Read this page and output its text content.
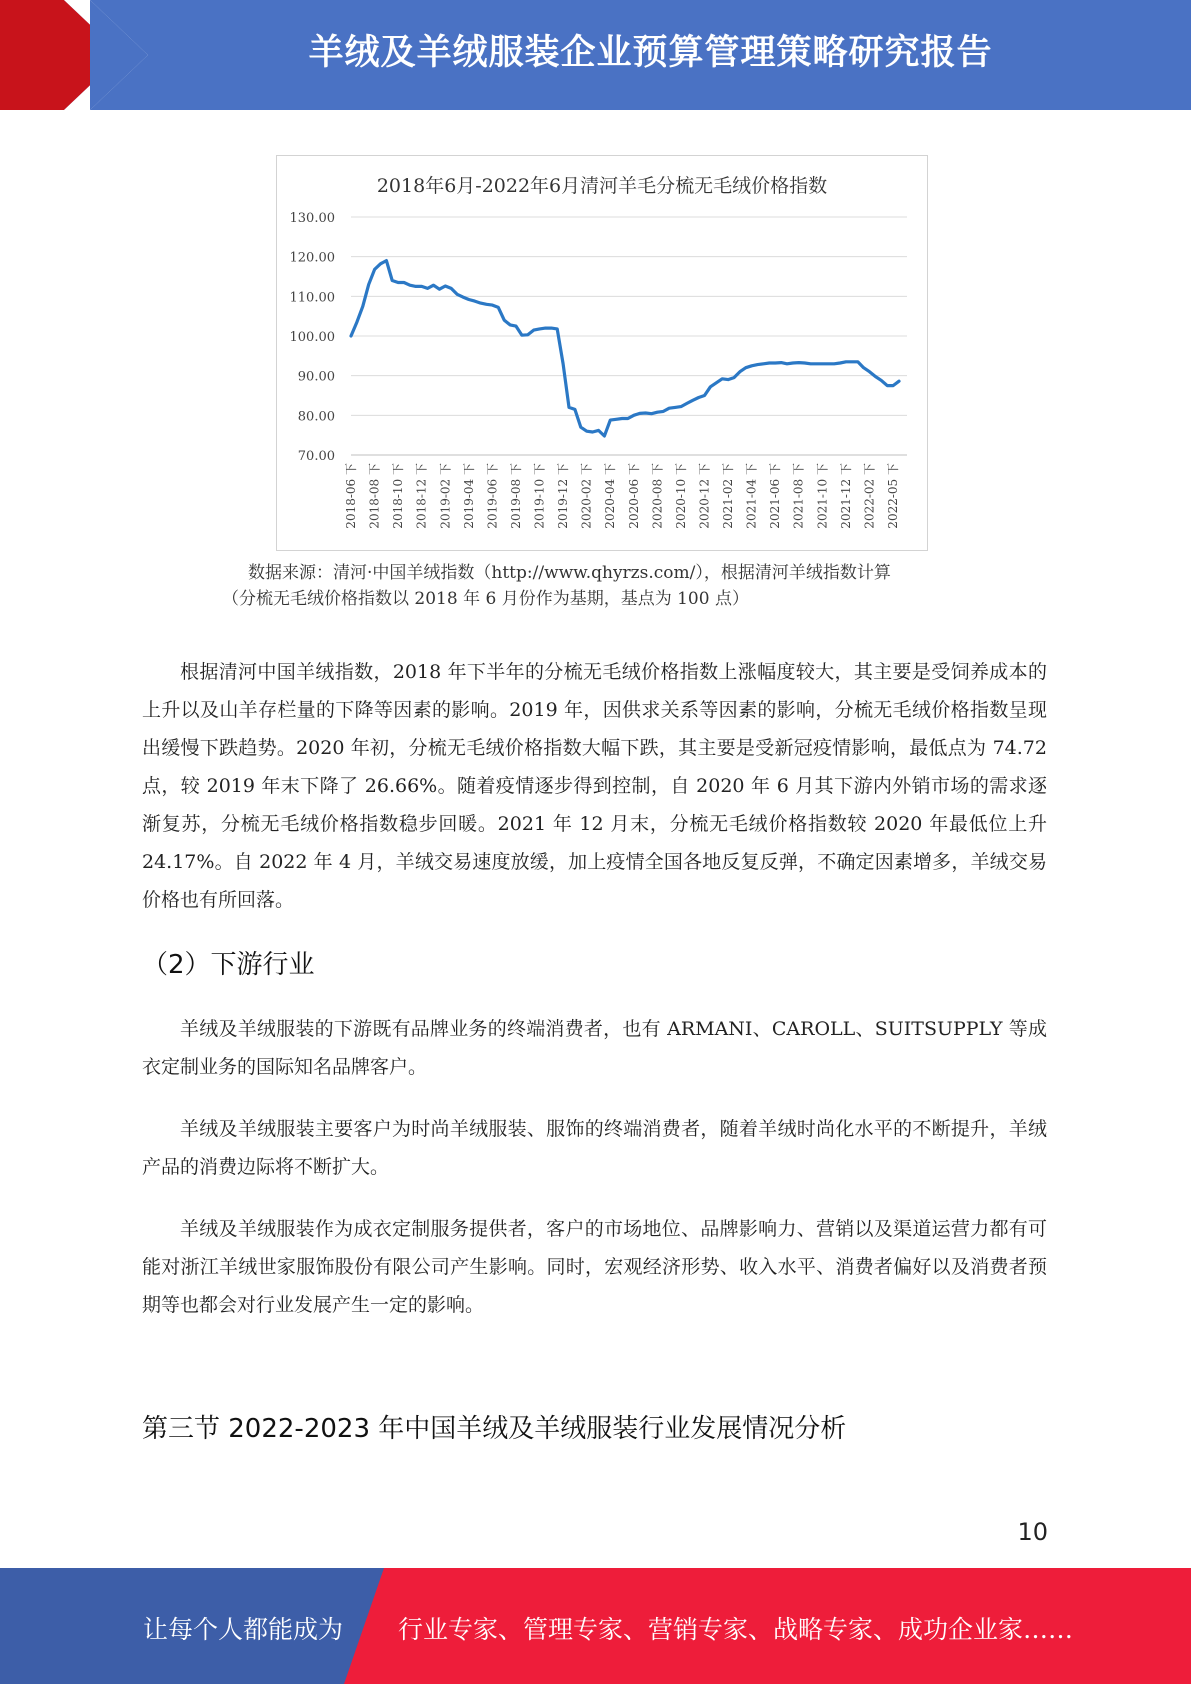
羊绒及羊绒服装企业预算管理策略研究报告
2018年6月-2022年6月清河羊毛分梳无毛绒价格指数
130.00
120.00
110.00
100.00
90.00
80.00
70.00
2018-06 下 2018-08 下 2018-10 下 2018-12 下 2019-02 下 2019-04 下 2019-06 下 2019-08 下 2019-10 下 2019-12 下 2020-02 下 2020-04 下 2020-06 下 2020-08 下 2020-10 下 2020-12 下 2021-02 下 2021-04 下 2021-06 下 2021-08 下 2021-10 下 2021-12 下 2022-02 下 2022-05 下
数据来源：清河·中国羊绒指数（http://www.qhyrzs.com/），根据清河羊绒指数计算
（分梳无毛绒价格指数以 2018 年 6 月份作为基期，基点为 100 点）

根据清河中国羊绒指数，2018 年下半年的分梳无毛绒价格指数上涨幅度较大，其主要是受饲养成本的上升以及山羊存栏量的下降等因素的影响。2019 年，因供求关系等因素的影响，分梳无毛绒价格指数呈现出缓慢下跌趋势。2020 年初，分梳无毛绒价格指数大幅下跌，其主要是受新冠疫情影响，最低点为 74.72 点，较 2019 年末下降了 26.66%。随着疫情逐步得到控制，自 2020 年 6 月其下游内外销市场的需求逐渐复苏，分梳无毛绒价格指数稳步回暖。2021 年 12 月末，分梳无毛绒价格指数较 2020 年最低位上升 24.17%。自 2022 年 4 月，羊绒交易速度放缓，加上疫情全国各地反复反弹，不确定因素增多，羊绒交易价格也有所回落。

（2）下游行业

羊绒及羊绒服装的下游既有品牌业务的终端消费者，也有 ARMANI、CAROLL、SUITSUPPLY 等成衣定制业务的国际知名品牌客户。

羊绒及羊绒服装主要客户为时尚羊绒服装、服饰的终端消费者，随着羊绒时尚化水平的不断提升，羊绒产品的消费边际将不断扩大。

羊绒及羊绒服装作为成衣定制服务提供者，客户的市场地位、品牌影响力、营销以及渠道运营力都有可能对浙江羊绒世家服饰股份有限公司产生影响。同时，宏观经济形势、收入水平、消费者偏好以及消费者预期等也都会对行业发展产生一定的影响。

第三节 2022-2023 年中国羊绒及羊绒服装行业发展情况分析
10
让每个人都能成为 行业专家、管理专家、营销专家、战略专家、成功企业家……
